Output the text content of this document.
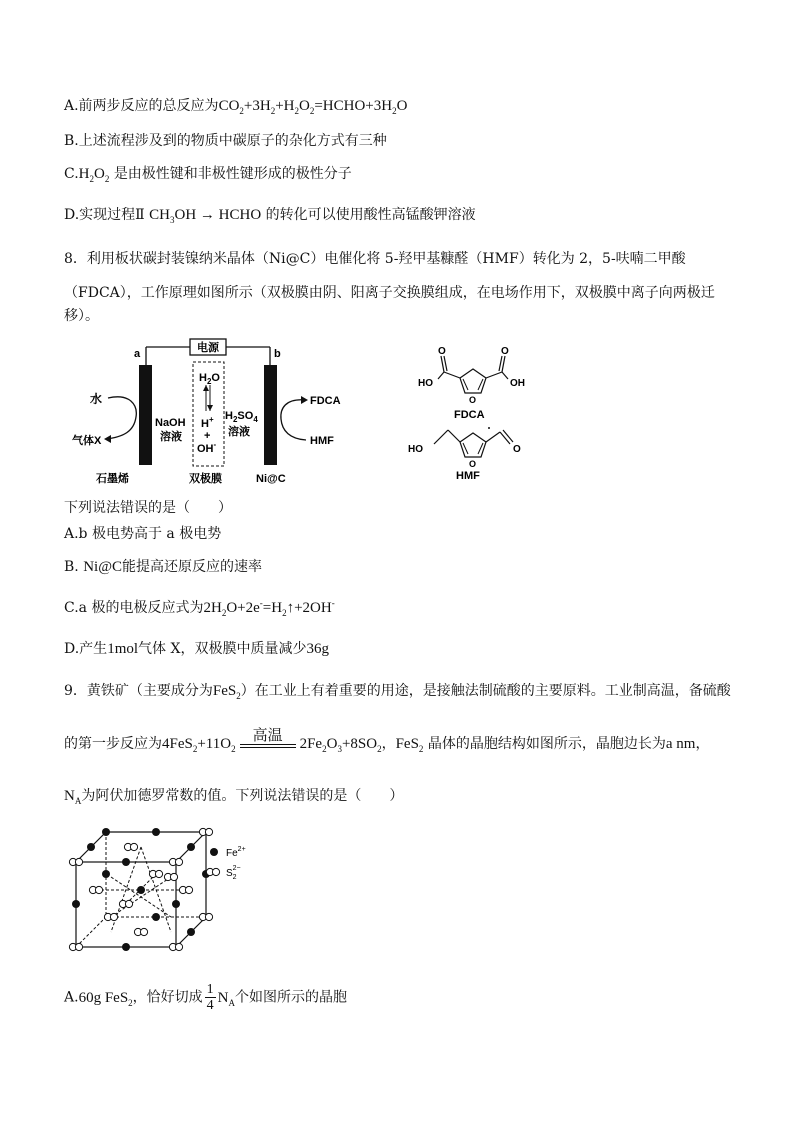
A.前两步反应的总反应为$CO_2+3H_2+H_2O_2=HCHO+3H_2O$
B.上述流程涉及到的物质中碳原子的杂化方式有三种
$C.H_2O_2$ 是由极性键和非极性键形成的极性分子
D.实现过程Ⅱ $CH_3OH$ → HCHO 的转化可以使用酸性高锰酸钾溶液
8．利用板状碳封装镍纳米晶体（Ni@C）电催化将 5-羟甲基糠醛（HMF）转化为 2，5-呋喃二甲酸
（FDCA），工作原理如图所示（双极膜由阴、阳离子交换膜组成，在电场作用下，双极膜中离子向两极迁
移）。
电源
a	b
水
气体X
石墨烯
NaOH
溶液
$H_2O$
H+
+
OH-
双极膜
$H_2SO_4$
溶液
FDCA
HMF
Ni@C
O	O
O
HO	OH
FDCA
HO	O
O
HMF
下列说法错误的是（　　）
A.b 极电势高于 a 极电势
B. Ni@C能提高还原反应的速率
C.a 极的电极反应式为$2H_2O+2e^-=H_2↑+2OH^-$
D.产生1mol气体 X，双极膜中质量减少36g
9．黄铁矿（主要成分为FeS$_2$）在工业上有着重要的用途，是接触法制硫酸的主要原料。工业制高温，备硫酸
的第一步反应为$4FeS_2+11O_2$
高温	$2Fe_2O_3+8SO_2$，FeS$_2$ 晶体的晶胞结构如图所示，晶胞边长为a nm，
$N_A$为阿伏加德罗常数的值。下列说法错误的是（　　）
$Fe^{2+}$
$S_22-$
A.60g FeS$_2$，恰好切成 $\frac{1}{4} N_A$个如图所示的晶胞
